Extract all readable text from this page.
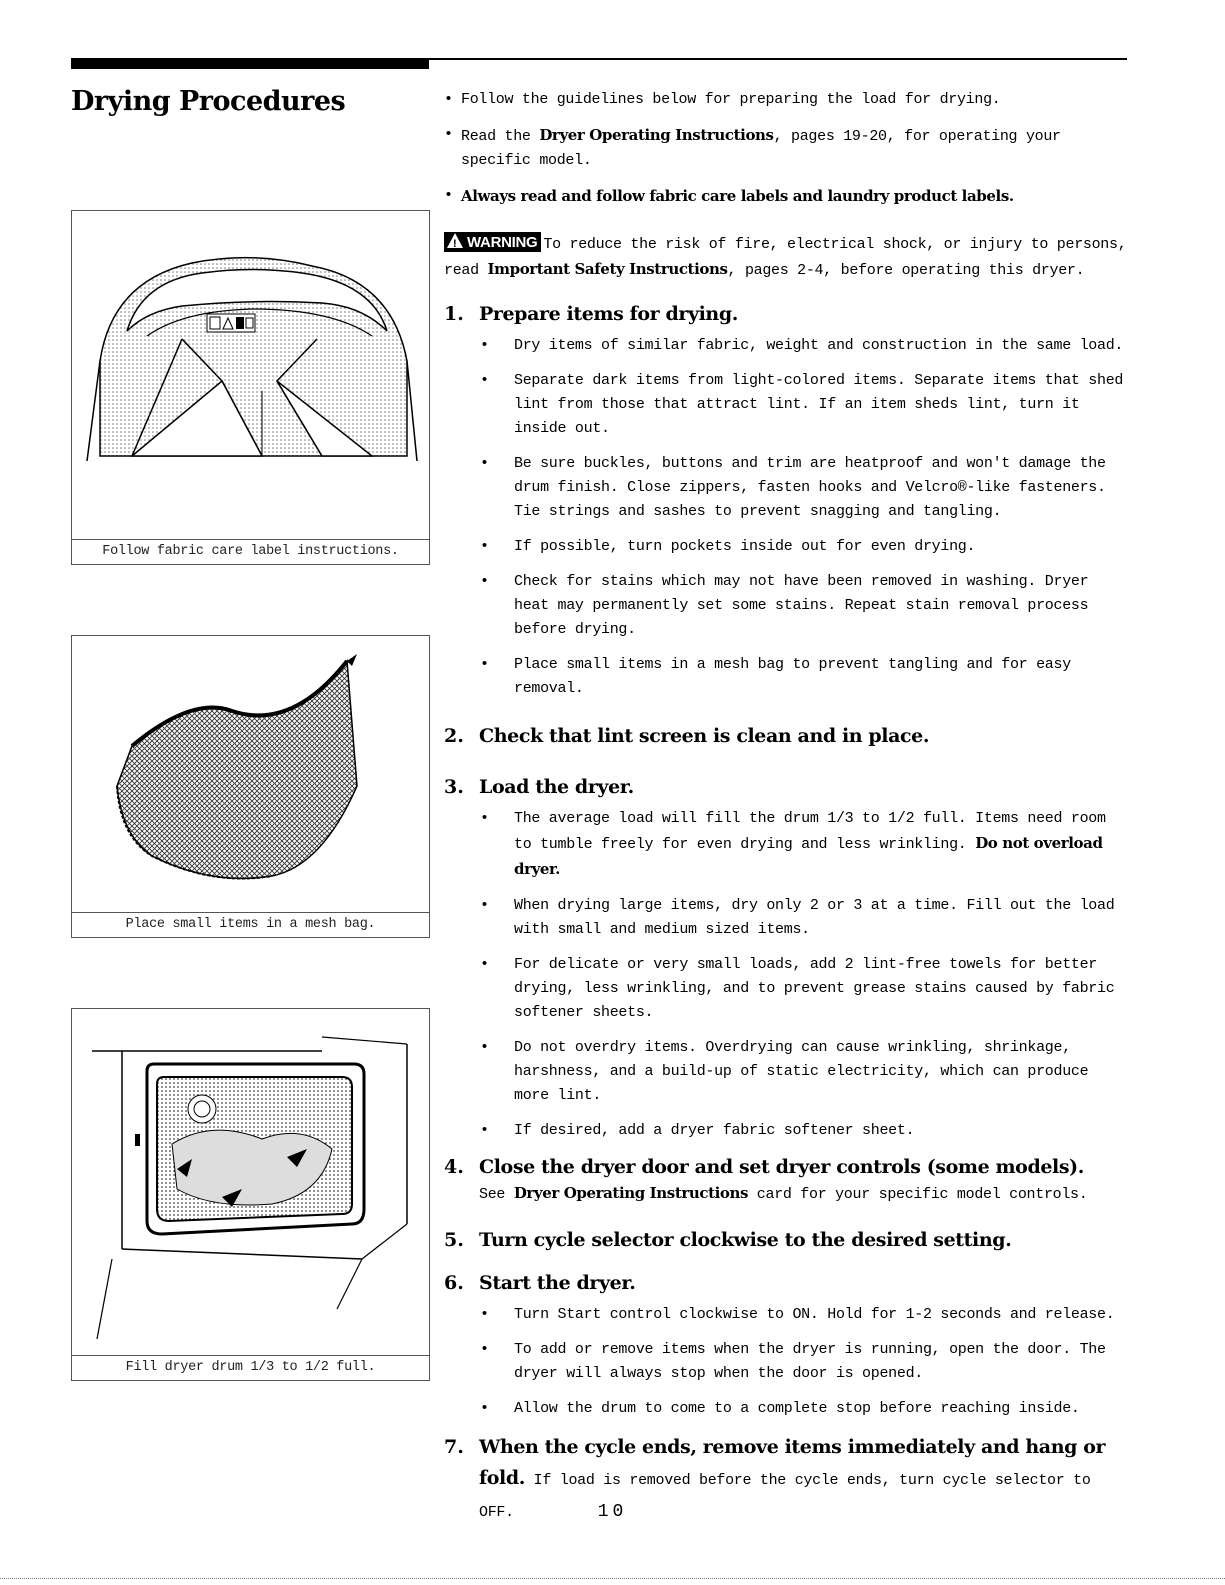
Drying Procedures
Follow fabric care label instructions.
Place small items in a mesh bag.
Fill dryer drum 1/3 to 1/2 full.

• Follow the guidelines below for preparing the load for drying.

• Read the Dryer Operating Instructions, pages 19-20, for operating your specific model.

• Always read and follow fabric care labels and laundry product labels.

!WARNING To reduce the risk of fire, electrical shock, or injury to persons, read Important Safety Instructions, pages 2-4, before operating this dryer.

1. Prepare items for drying.
• Dry items of similar fabric, weight and construction in the same load.
• Separate dark items from light-colored items. Separate items that shed lint from those that attract lint. If an item sheds lint, turn it inside out.
• Be sure buckles, buttons and trim are heatproof and won't damage the drum finish. Close zippers, fasten hooks and Velcro®-like fasteners. Tie strings and sashes to prevent snagging and tangling.
• If possible, turn pockets inside out for even drying.
• Check for stains which may not have been removed in washing. Dryer heat may permanently set some stains. Repeat stain removal process before drying.
• Place small items in a mesh bag to prevent tangling and for easy removal.
2. Check that lint screen is clean and in place.
3. Load the dryer.
• The average load will fill the drum 1/3 to 1/2 full. Items need room to tumble freely for even drying and less wrinkling. Do not overload dryer.
• When drying large items, dry only 2 or 3 at a time. Fill out the load with small and medium sized items.
• For delicate or very small loads, add 2 lint-free towels for better drying, less wrinkling, and to prevent grease stains caused by fabric softener sheets.
• Do not overdry items. Overdrying can cause wrinkling, shrinkage, harshness, and a build-up of static electricity, which can produce more lint.
• If desired, add a dryer fabric softener sheet.
4. Close the dryer door and set dryer controls (some models).

See Dryer Operating Instructions card for your specific model controls.

5. Turn cycle selector clockwise to the desired setting.
6. Start the dryer.
• Turn Start control clockwise to ON. Hold for 1-2 seconds and release.
• To add or remove items when the dryer is running, open the door. The dryer will always stop when the door is opened.
• Allow the drum to come to a complete stop before reaching inside.
7. When the cycle ends, remove items immediately and hang or fold. If load is removed before the cycle ends, turn cycle selector to OFF.	10
